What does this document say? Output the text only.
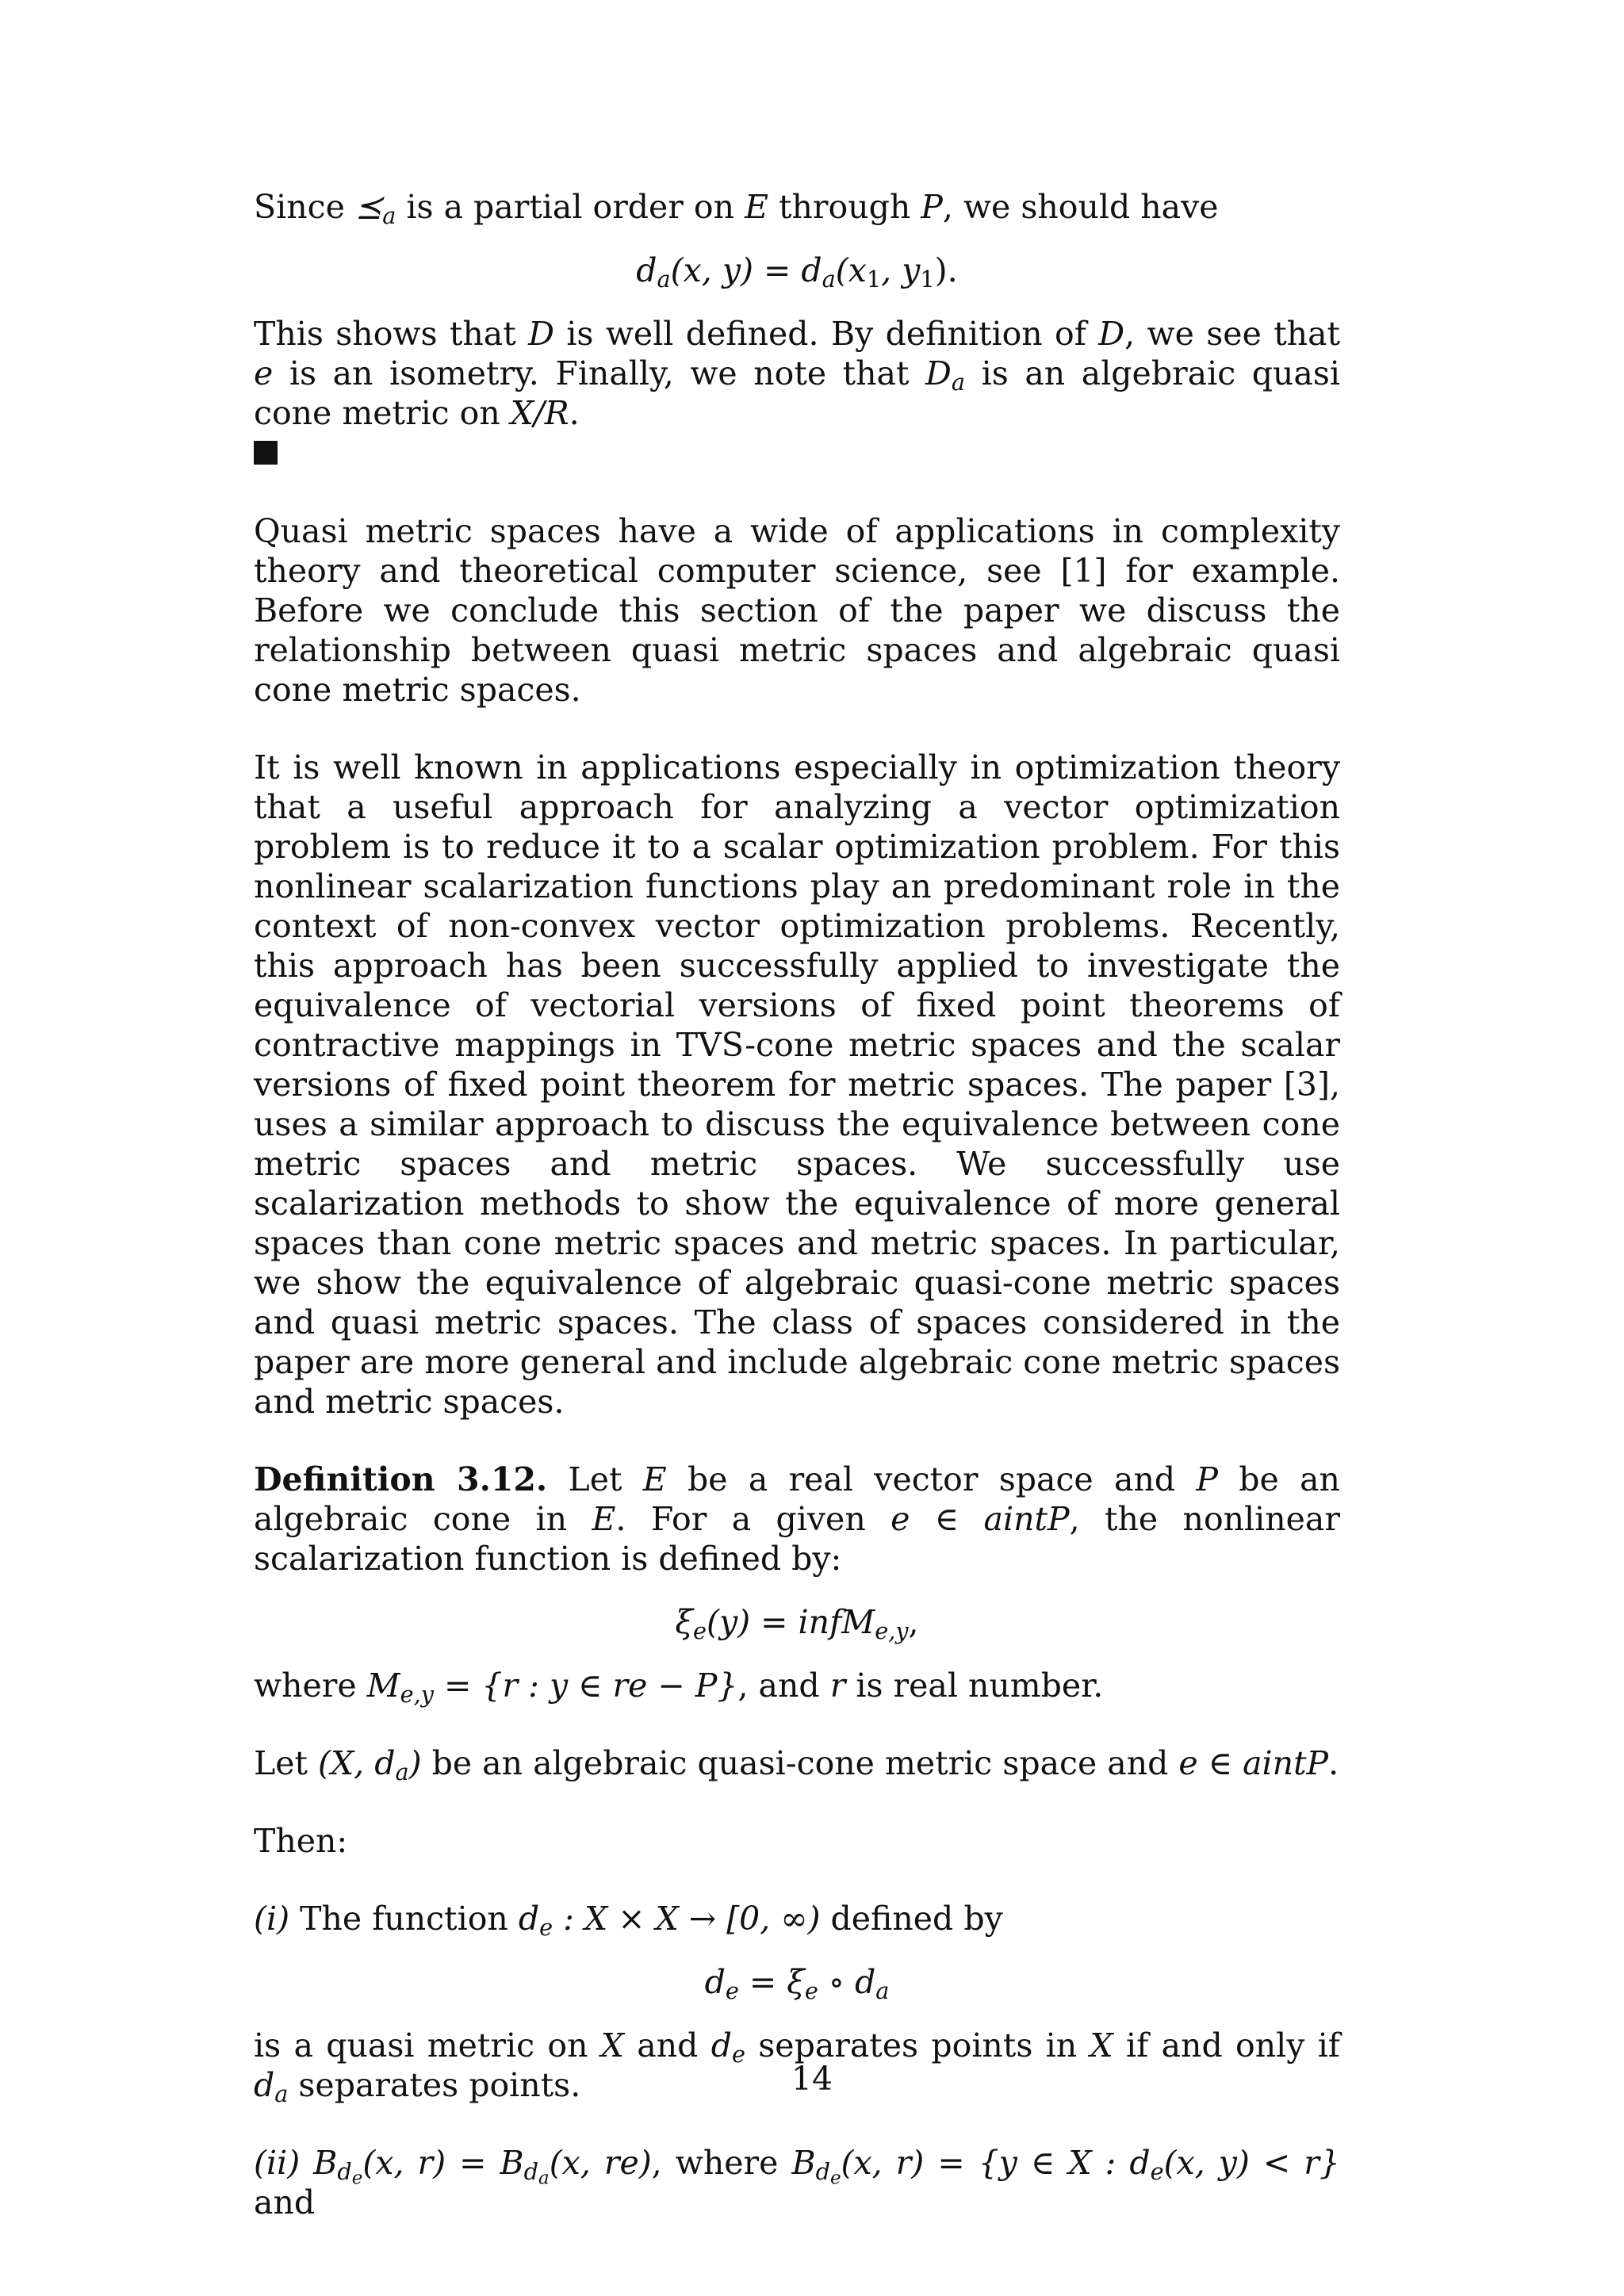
Since $⪯_a$ is a partial order on E through P, we should have

$d_a(x$, $y) = d_a(x_1$, $y_1$).

This shows that D is well defined. By definition of D, we see that e is an isometry. Finally, we note that $D_a$ is an algebraic quasi cone metric on X/R.

Quasi metric spaces have a wide of applications in complexity theory and theoretical computer science, see [1] for example. Before we conclude this section of the paper we discuss the relationship between quasi metric spaces and algebraic quasi cone metric spaces.

It is well known in applications especially in optimization theory that a useful approach for analyzing a vector optimization problem is to reduce it to a scalar optimization problem. For this nonlinear scalarization functions play an predominant role in the context of non-convex vector optimization problems. Recently, this approach has been successfully applied to investigate the equivalence of vectorial versions of fixed point theorems of contractive mappings in TVS-cone metric spaces and the scalar versions of fixed point theorem for metric spaces. The paper [3], uses a similar approach to discuss the equivalence between cone metric spaces and metric spaces. We successfully use scalarization methods to show the equivalence of more general spaces than cone metric spaces and metric spaces. In particular, we show the equivalence of algebraic quasi-cone metric spaces and quasi metric spaces. The class of spaces considered in the paper are more general and include algebraic cone metric spaces and metric spaces.

Definition 3.12. Let E be a real vector space and P be an algebraic cone in E. For a given e ∈ aintP, the nonlinear scalarization function is defined by:

$\xi_e(y)$ = infM$_{e,y}$,

where $M_{e,y} = \{r$ : y ∈ re − P}, and r is real number.

Let (X, $d_a$) be an algebraic quasi-cone metric space and e ∈ aintP.

Then:

(i) The function $d_e$ : X × X → [0, ∞) defined by

$d_e = \xi_e$ ∘ $d_a$

is a quasi metric on X and $d_e$ separates points in X if and only if $d_a$ separates points.

(ii) $B_{d_e}(x$, $r) = B_{d_a}(x$, re), where $B_{d_e}(x$, r) = {y ∈ X : $d_e(x$, y) < r} and

14
